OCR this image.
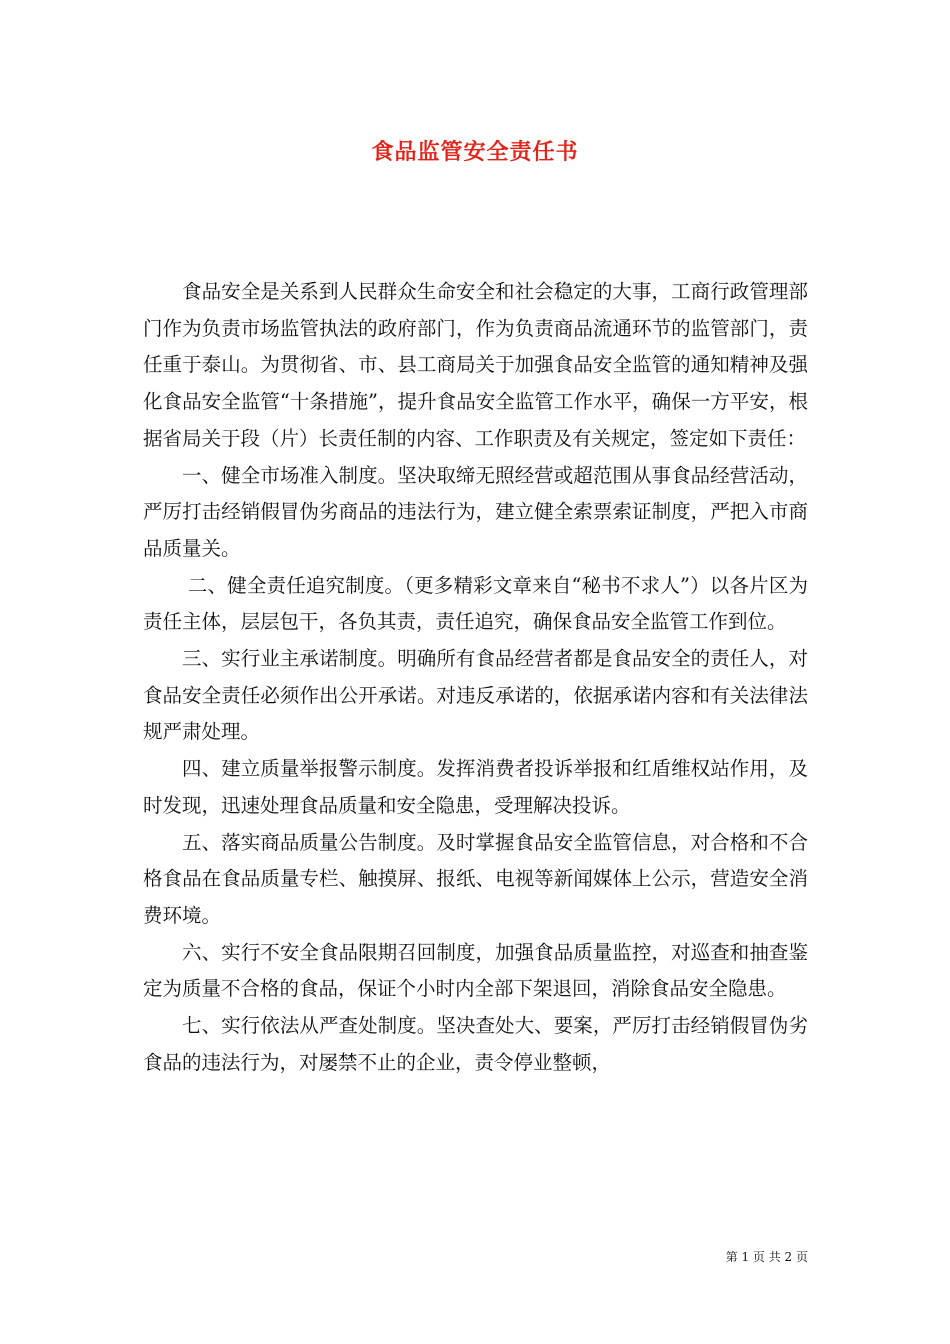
食品监管安全责任书

食品安全是关系到人民群众生命安全和社会稳定的大事，工商行政管理部门作为负责市场监管执法的政府部门，作为负责商品流通环节的监管部门，责任重于泰山。为贯彻省、市、县工商局关于加强食品安全监管的通知精神及强化食品安全监管“十条措施”，提升食品安全监管工作水平，确保一方平安，根据省局关于段（片）长责任制的内容、工作职责及有关规定，签定如下责任：

一、健全市场准入制度。坚决取缔无照经营或超范围从事食品经营活动，严厉打击经销假冒伪劣商品的违法行为，建立健全索票索证制度，严把入市商品质量关。

二、健全责任追究制度。（更多精彩文章来自“秘书不求人”）以各片区为责任主体，层层包干，各负其责，责任追究，确保食品安全监管工作到位。

三、实行业主承诺制度。明确所有食品经营者都是食品安全的责任人，对食品安全责任必须作出公开承诺。对违反承诺的，依据承诺内容和有关法律法规严肃处理。

四、建立质量举报警示制度。发挥消费者投诉举报和红盾维权站作用，及时发现，迅速处理食品质量和安全隐患，受理解决投诉。

五、落实商品质量公告制度。及时掌握食品安全监管信息，对合格和不合格食品在食品质量专栏、触摸屏、报纸、电视等新闻媒体上公示，营造安全消费环境。

六、实行不安全食品限期召回制度，加强食品质量监控，对巡查和抽查鉴定为质量不合格的食品，保证个小时内全部下架退回，消除食品安全隐患。

七、实行依法从严查处制度。坚决查处大、要案，严厉打击经销假冒伪劣食品的违法行为，对屡禁不止的企业，责令停业整顿，

第 1 页 共 2 页
